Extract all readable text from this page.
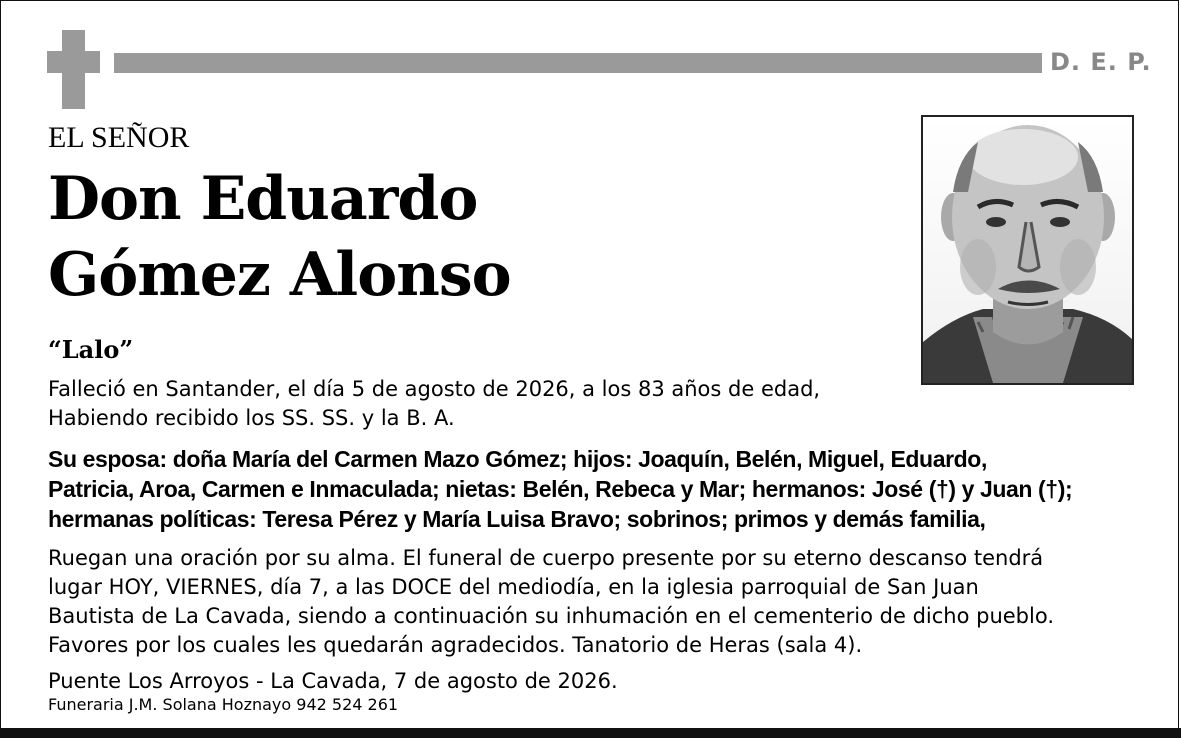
D. E. P.
EL SEÑOR
Don Eduardo
Gómez Alonso
“Lalo”
Falleció en Santander, el día 5 de agosto de 2026, a los 83 años de edad,
Habiendo recibido los SS. SS. y la B. A.
Su esposa: doña María del Carmen Mazo Gómez; hijos: Joaquín, Belén, Miguel, Eduardo,
Patricia, Aroa, Carmen e Inmaculada; nietas: Belén, Rebeca y Mar; hermanos: José (†) y Juan (†);
hermanas políticas: Teresa Pérez y María Luisa Bravo; sobrinos; primos y demás familia,
Ruegan una oración por su alma. El funeral de cuerpo presente por su eterno descanso tendrá
lugar HOY, VIERNES, día 7, a las DOCE del mediodía, en la iglesia parroquial de San Juan
Bautista de La Cavada, siendo a continuación su inhumación en el cementerio de dicho pueblo.
Favores por los cuales les quedarán agradecidos. Tanatorio de Heras (sala 4).
Puente Los Arroyos - La Cavada, 7 de agosto de 2026.
Funeraria J.M. Solana Hoznayo 942 524 261
